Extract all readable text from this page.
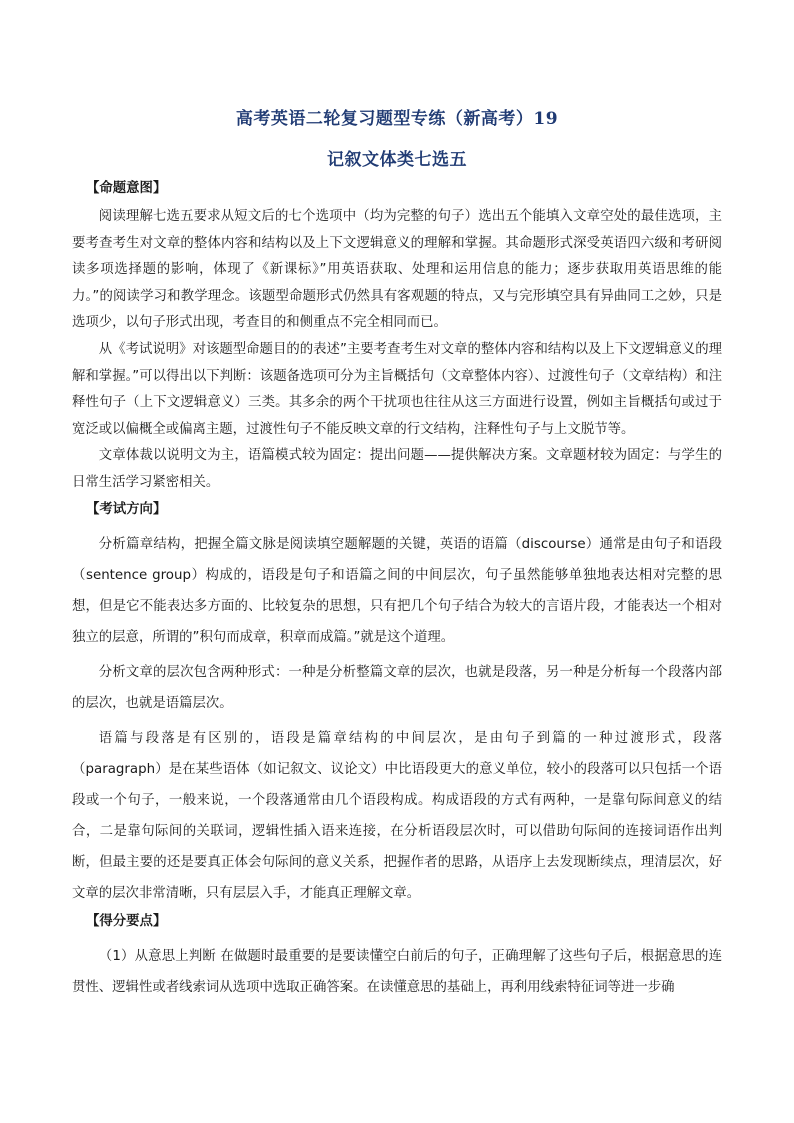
高考英语二轮复习题型专练（新高考）19
记叙文体类七选五
【命题意图】

阅读理解七选五要求从短文后的七个选项中（均为完整的句子）选出五个能填入文章空处的最佳选项，主要考查考生对文章的整体内容和结构以及上下文逻辑意义的理解和掌握。其命题形式深受英语四六级和考研阅读多项选择题的影响，体现了《新课标》”用英语获取、处理和运用信息的能力；逐步获取用英语思维的能力。”的阅读学习和教学理念。该题型命题形式仍然具有客观题的特点，又与完形填空具有异曲同工之妙，只是选项少，以句子形式出现，考查目的和侧重点不完全相同而已。

从《考试说明》对该题型命题目的的表述”主要考查考生对文章的整体内容和结构以及上下文逻辑意义的理解和掌握。”可以得出以下判断：该题备选项可分为主旨概括句（文章整体内容）、过渡性句子（文章结构）和注释性句子（上下文逻辑意义）三类。其多余的两个干扰项也往往从这三方面进行设置，例如主旨概括句或过于宽泛或以偏概全或偏离主题，过渡性句子不能反映文章的行文结构，注释性句子与上文脱节等。

文章体裁以说明文为主，语篇模式较为固定：提出问题——提供解决方案。文章题材较为固定：与学生的日常生活学习紧密相关。

【考试方向】

分析篇章结构，把握全篇文脉是阅读填空题解题的关键，英语的语篇（discourse）通常是由句子和语段（sentence group）构成的，语段是句子和语篇之间的中间层次，句子虽然能够单独地表达相对完整的思想，但是它不能表达多方面的、比较复杂的思想，只有把几个句子结合为较大的言语片段，才能表达一个相对独立的层意，所谓的”积句而成章，积章而成篇。”就是这个道理。

分析文章的层次包含两种形式：一种是分析整篇文章的层次，也就是段落，另一种是分析每一个段落内部的层次，也就是语篇层次。

语篇与段落是有区别的，语段是篇章结构的中间层次，是由句子到篇的一种过渡形式，段落（paragraph）是在某些语体（如记叙文、议论文）中比语段更大的意义单位，较小的段落可以只包括一个语段或一个句子，一般来说，一个段落通常由几个语段构成。构成语段的方式有两种，一是靠句际间意义的结合，二是靠句际间的关联词，逻辑性插入语来连接，在分析语段层次时，可以借助句际间的连接词语作出判断，但最主要的还是要真正体会句际间的意义关系，把握作者的思路，从语序上去发现断续点，理清层次，好文章的层次非常清晰，只有层层入手，才能真正理解文章。

【得分要点】

（1）从意思上判断 在做题时最重要的是要读懂空白前后的句子，正确理解了这些句子后，根据意思的连贯性、逻辑性或者线索词从选项中选取正确答案。在读懂意思的基础上，再利用线索特征词等进一步确
